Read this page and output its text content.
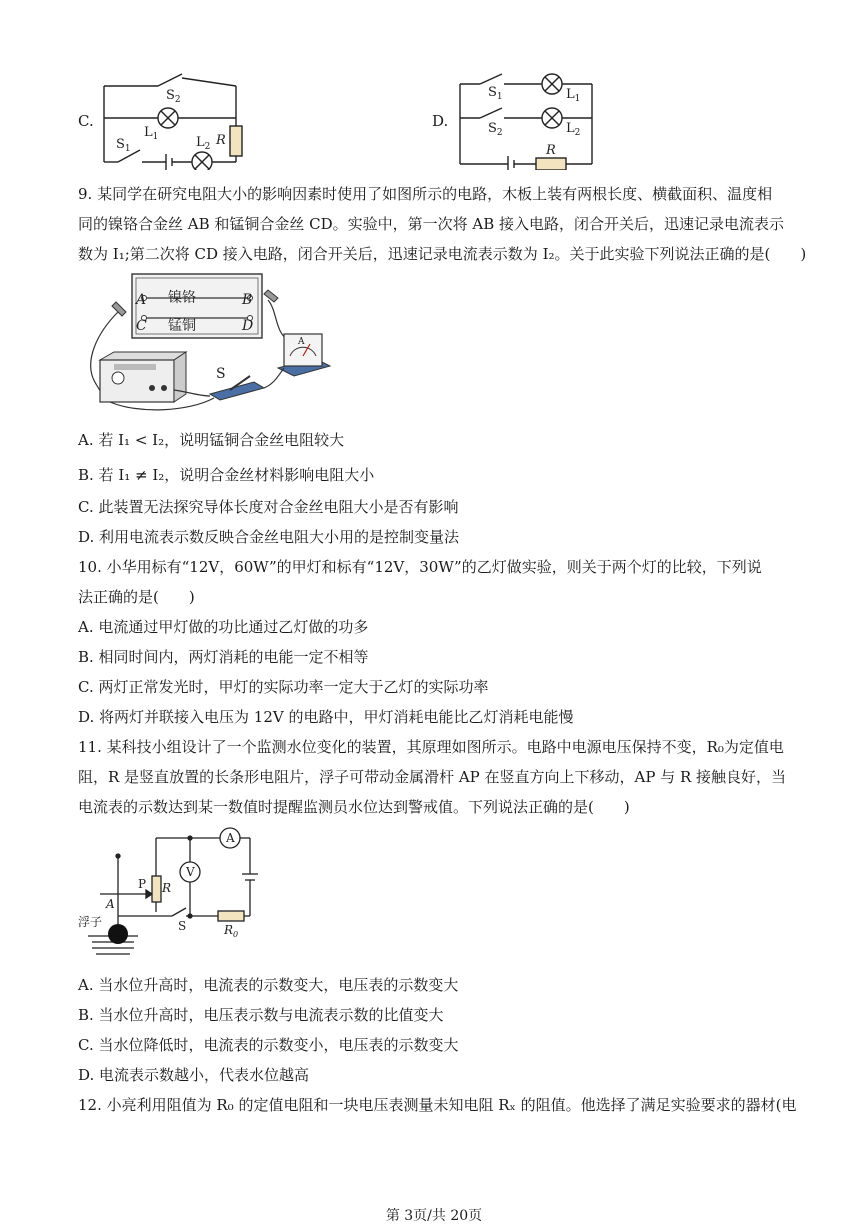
C.
$S_2$
$L_1$
$S_1$	$L_2$ R
D.
$S_1$	$L_1$
$S_2$	$L_2$
R
9. 某同学在研究电阻大小的影响因素时使用了如图所示的电路，木板上装有两根长度、横截面积、温度相
同的镍铬合金丝 AB 和锰铜合金丝 CD。实验中，第一次将 AB 接入电路，闭合开关后，迅速记录电流表示
数为 I₁;第二次将 CD 接入电路，闭合开关后，迅速记录电流表示数为 I₂。关于此实验下列说法正确的是(　　)
A 镍铬	B
C 锰铜	D
S
A
A. 若 I₁ < I₂，说明锰铜合金丝电阻较大
B. 若 I₁ ≠ I₂，说明合金丝材料影响电阻大小
C. 此装置无法探究导体长度对合金丝电阻大小是否有影响
D. 利用电流表示数反映合金丝电阻大小用的是控制变量法
10. 小华用标有“12V，60W”的甲灯和标有“12V，30W”的乙灯做实验，则关于两个灯的比较，下列说
法正确的是(　　)
A. 电流通过甲灯做的功比通过乙灯做的功多
B. 相同时间内，两灯消耗的电能一定不相等
C. 两灯正常发光时，甲灯的实际功率一定大于乙灯的实际功率
D. 将两灯并联接入电压为 12V 的电路中，甲灯消耗电能比乙灯消耗电能慢
11. 某科技小组设计了一个监测水位变化的装置，其原理如图所示。电路中电源电压保持不变，R₀为定值电
阻，R 是竖直放置的长条形电阻片，浮子可带动金属滑杆 AP 在竖直方向上下移动，AP 与 R 接触良好，当
电流表的示数达到某一数值时提醒监测员水位达到警戒值。下列说法正确的是(　　)
A
V
P R
A
S	$R_0$
浮子
A. 当水位升高时，电流表的示数变大，电压表的示数变大
B. 当水位升高时，电压表示数与电流表示数的比值变大
C. 当水位降低时，电流表的示数变小，电压表的示数变大
D. 电流表示数越小，代表水位越高
12. 小亮利用阻值为 R₀ 的定值电阻和一块电压表测量未知电阻 Rₓ 的阻值。他选择了满足实验要求的器材(电
第 3页/共 20页
